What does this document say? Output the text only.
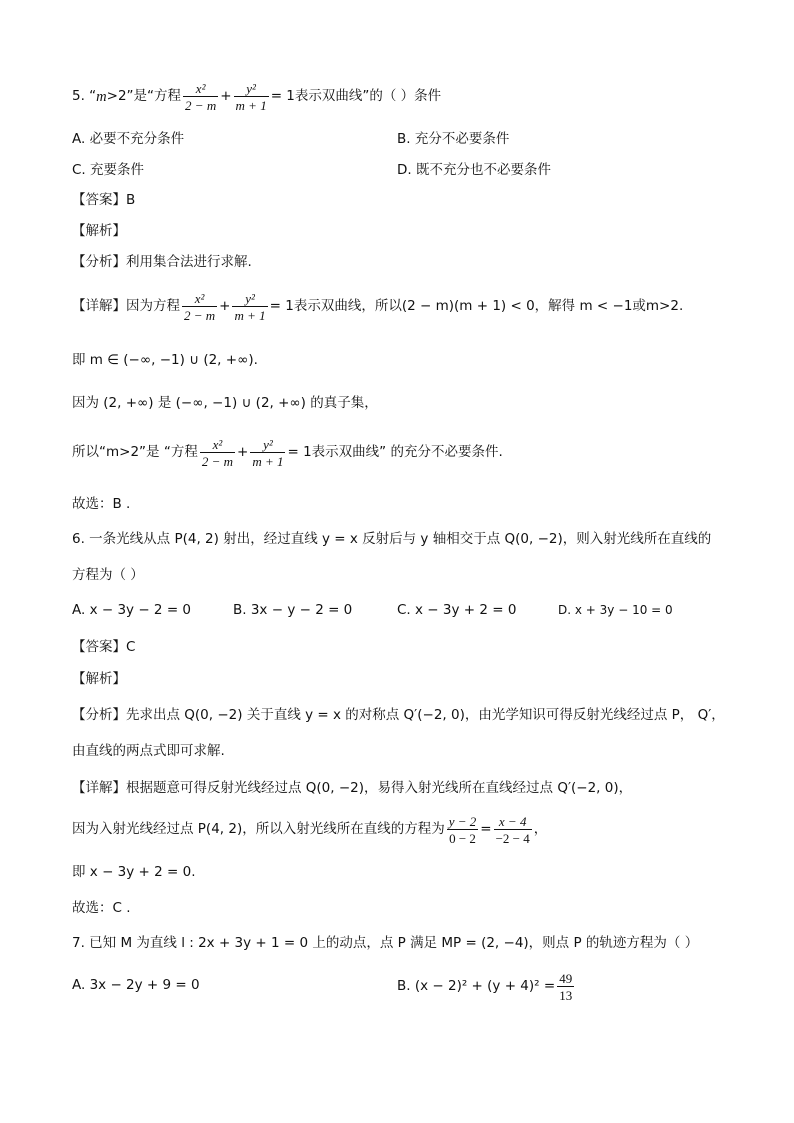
5. “ m >2”是“方程 $\frac{\text{x²}}{2 - m} + \frac{\text{y²}}{m + 1} = 1$表示双曲线”的（ ）条件
A. 必要不充分条件	B. 充分不必要条件
C. 充要条件	D. 既不充分也不必要条件
【答案】B
【解析】
【分析】利用集合法进行求解.
【详解】因为方程 $\frac{\text{x²}}{2 - m} + \frac{\text{y²}}{m + 1} = 1$表示双曲线，所以(2 − m)(m + 1) < 0，解得 m < −1或m>2.
即 m ∈ (−∞, −1) ∪ (2, +∞).
因为 (2, +∞) 是 (−∞, −1) ∪ (2, +∞) 的真子集，
所以“m>2”是 “方程 $\frac{\text{x²}}{2 - m} + \frac{\text{y²}}{m + 1} = 1$表示双曲线” 的充分不必要条件.
故选：B .
6. 一条光线从点 P(4, 2) 射出，经过直线 y = x 反射后与 y 轴相交于点 Q(0, −2)，则入射光线所在直线的
方程为（ ）
A. x − 3y − 2 = 0	B. 3x − y − 2 = 0	C. x − 3y + 2 = 0	D. x + 3y − 10 = 0
【答案】C
【解析】
【分析】先求出点 Q(0, −2) 关于直线 y = x 的对称点 Q′(−2, 0)，由光学知识可得反射光线经过点 P， Q′，
由直线的两点式即可求解.
【详解】根据题意可得反射光线经过点 Q(0, −2)，易得入射光线所在直线经过点 Q′(−2, 0)，
因为入射光线经过点 P(4, 2)，所以入射光线所在直线的方程为 $\frac{y - 2}{0 - 2} = \frac{x - 4}{-2 - 4}$ ，
即 x − 3y + 2 = 0.
故选：C .
7. 已知 M 为直线 l : 2x + 3y + 1 = 0 上的动点，点 P 满足 MP = (2, −4)，则点 P 的轨迹方程为（ ）
A. 3x − 2y + 9 = 0	B. $(x - 2)^2 + (y + 4)^2 = \frac{49}{13}$
